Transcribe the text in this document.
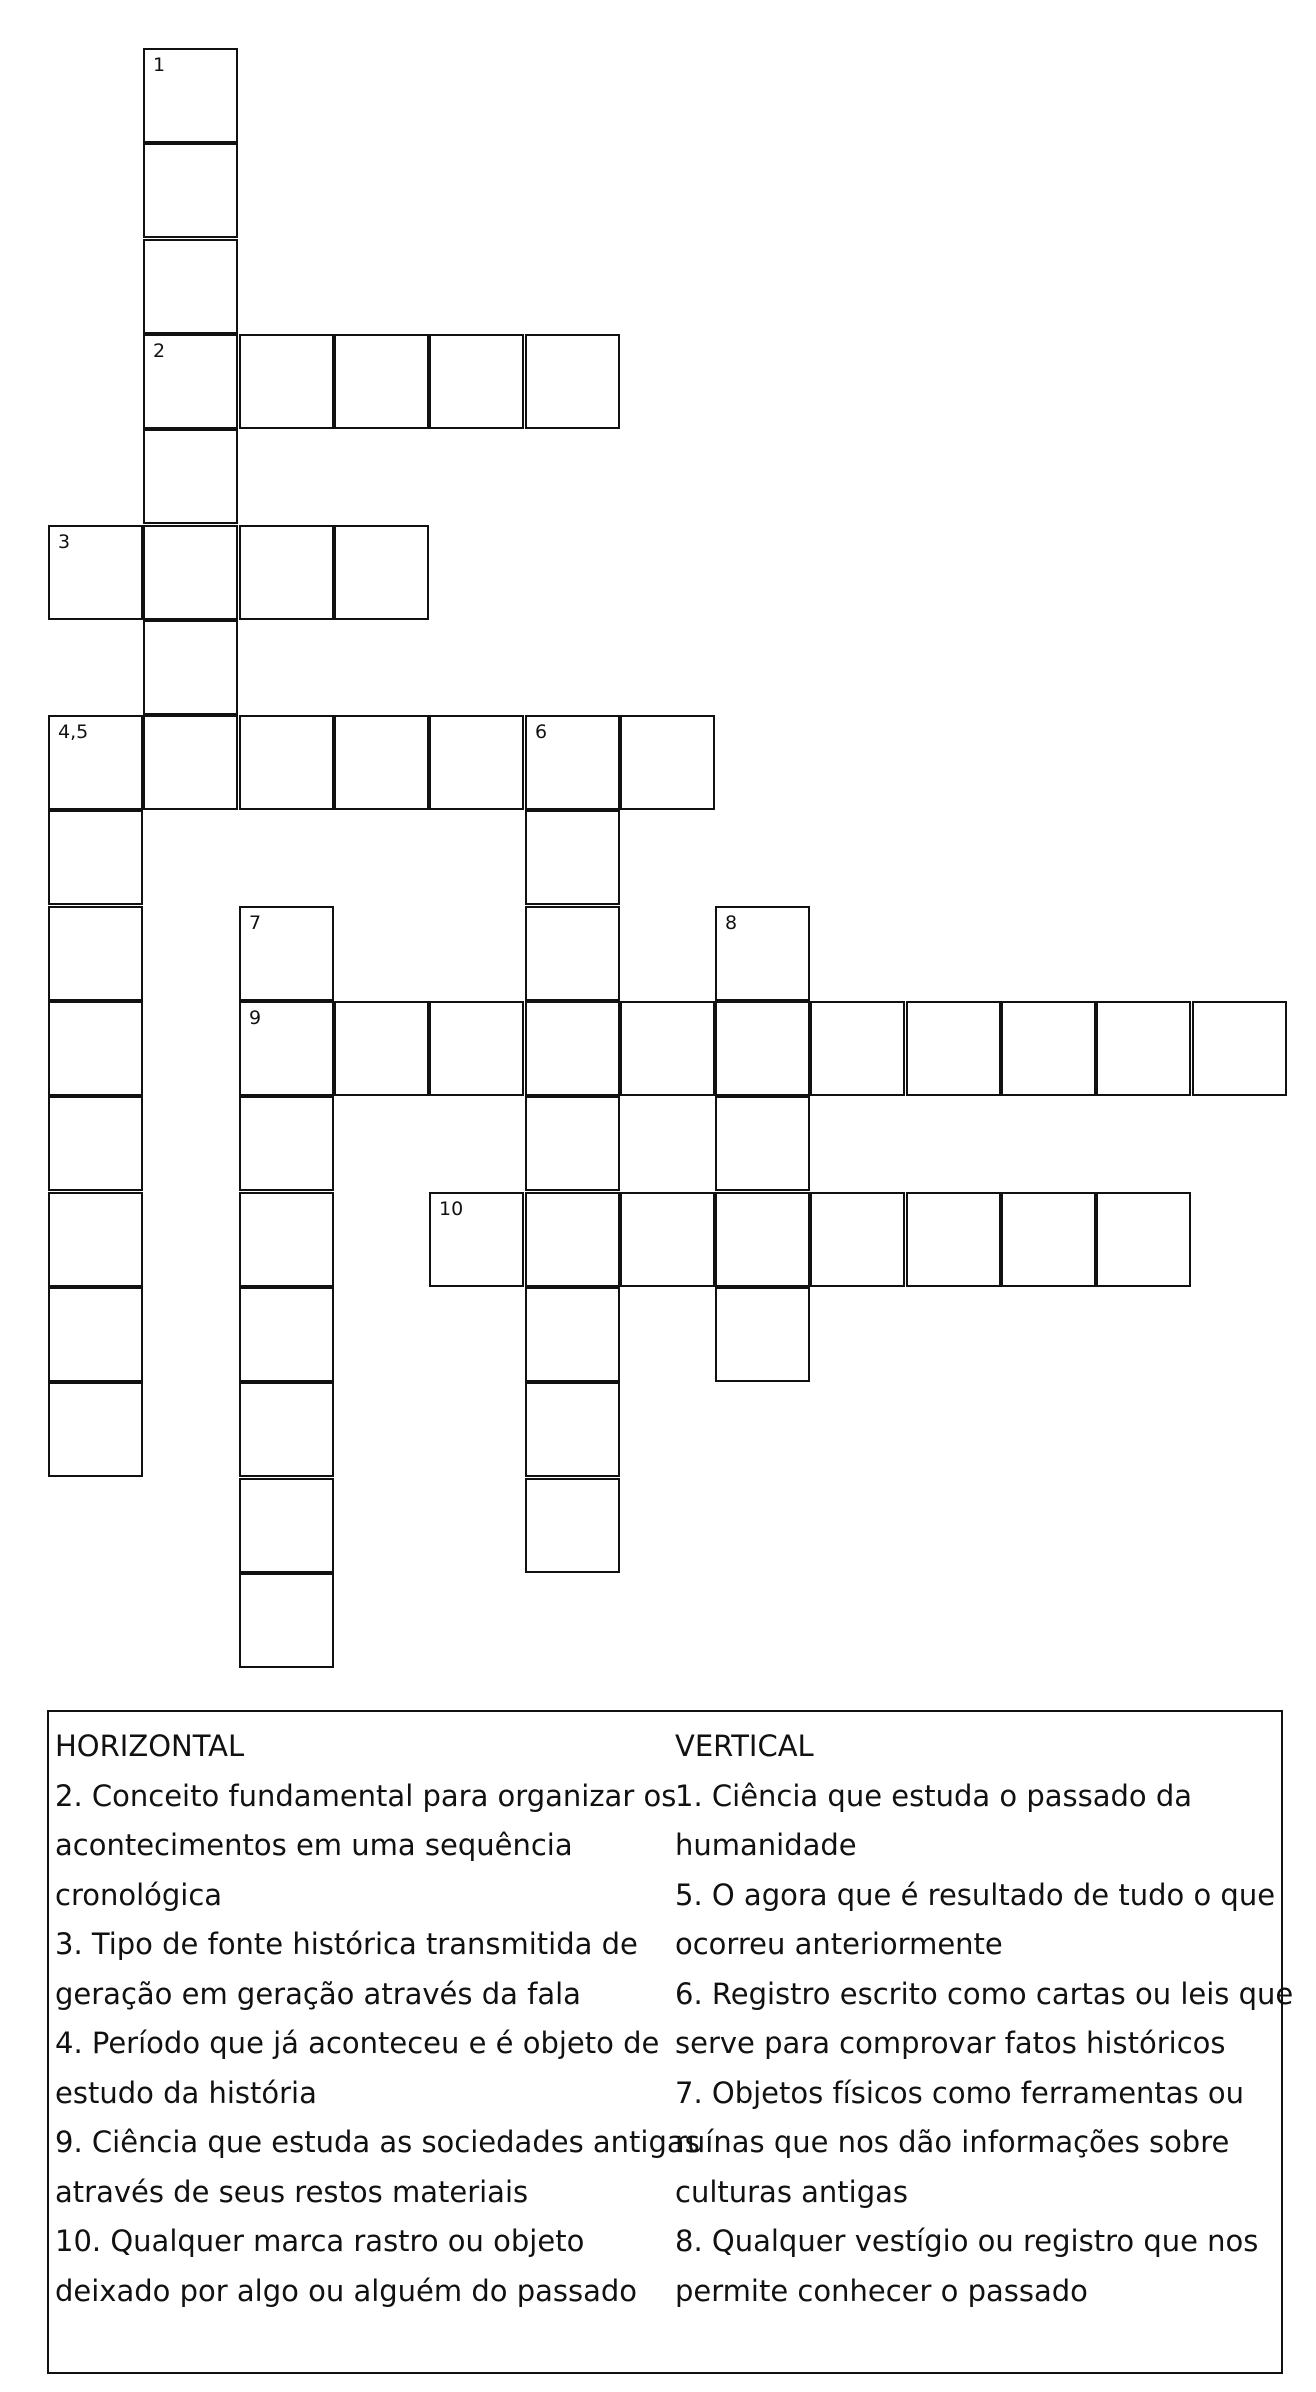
1
2
3
4,5	6
7	8
9
10
HORIZONTAL
2. Conceito fundamental para organizar os
acontecimentos em uma sequência
cronológica
3. Tipo de fonte histórica transmitida de
geração em geração através da fala
4. Período que já aconteceu e é objeto de
estudo da história
9. Ciência que estuda as sociedades antigas
através de seus restos materiais
10. Qualquer marca rastro ou objeto
deixado por algo ou alguém do passado
VERTICAL
1. Ciência que estuda o passado da
humanidade
5. O agora que é resultado de tudo o que
ocorreu anteriormente
6. Registro escrito como cartas ou leis que
serve para comprovar fatos históricos
7. Objetos físicos como ferramentas ou
ruínas que nos dão informações sobre
culturas antigas
8. Qualquer vestígio ou registro que nos
permite conhecer o passado
